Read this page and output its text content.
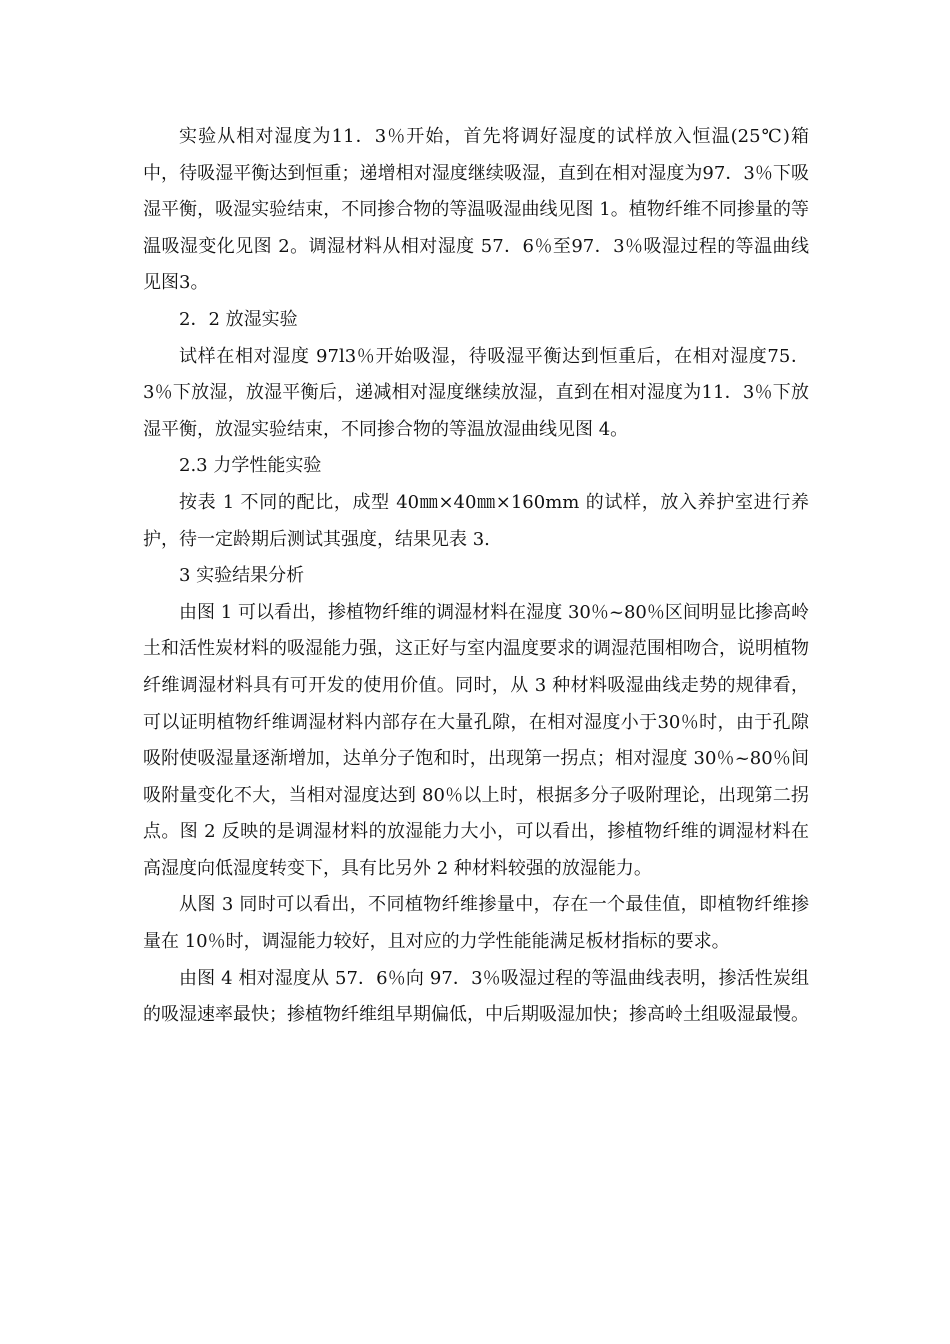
实验从相对湿度为11．3％开始，首先将调好湿度的试样放入恒温(25℃)箱中，待吸湿平衡达到恒重；递增相对湿度继续吸湿，直到在相对湿度为97．3％下吸湿平衡，吸湿实验结束，不同掺合物的等温吸湿曲线见图 1。植物纤维不同掺量的等温吸湿变化见图 2。调湿材料从相对湿度 57．6％至97．3％吸湿过程的等温曲线见图3。

2．2 放湿实验

试样在相对湿度 97l3％开始吸湿，待吸湿平衡达到恒重后，在相对湿度75．3％下放湿，放湿平衡后，递减相对湿度继续放湿，直到在相对湿度为11．3％下放湿平衡，放湿实验结束，不同掺合物的等温放湿曲线见图 4。

2.3 力学性能实验

按表 1 不同的配比，成型 40㎜×40㎜×160mm 的试样，放入养护室进行养护，待一定龄期后测试其强度，结果见表 3.

3 实验结果分析

由图 1 可以看出，掺植物纤维的调湿材料在湿度 30％~80％区间明显比掺高岭土和活性炭材料的吸湿能力强，这正好与室内温度要求的调湿范围相吻合，说明植物纤维调湿材料具有可开发的使用价值。同时，从 3 种材料吸湿曲线走势的规律看，可以证明植物纤维调湿材料内部存在大量孔隙，在相对湿度小于30％时，由于孔隙吸附使吸湿量逐渐增加，达单分子饱和时，出现第一拐点；相对湿度 30％~80％间吸附量变化不大，当相对湿度达到 80％以上时，根据多分子吸附理论，出现第二拐点。图 2 反映的是调湿材料的放湿能力大小，可以看出，掺植物纤维的调湿材料在高湿度向低湿度转变下，具有比另外 2 种材料较强的放湿能力。

从图 3 同时可以看出，不同植物纤维掺量中，存在一个最佳值，即植物纤维掺量在 10％时，调湿能力较好，且对应的力学性能能满足板材指标的要求。

由图 4 相对湿度从 57．6％向 97．3％吸湿过程的等温曲线表明，掺活性炭组的吸湿速率最快；掺植物纤维组早期偏低，中后期吸湿加快；掺高岭土组吸湿最慢。
